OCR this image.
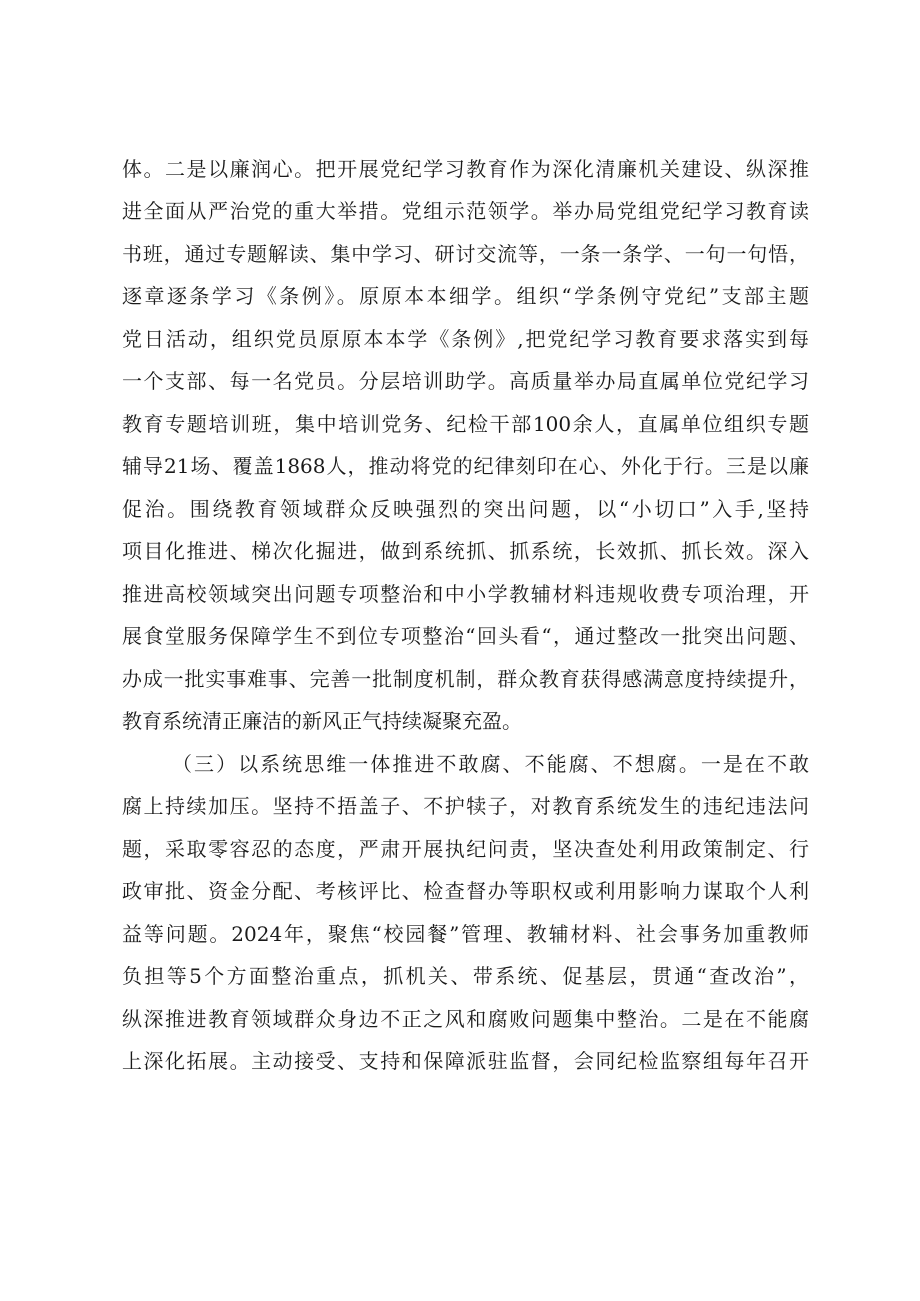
体。二是以廉润心。把开展党纪学习教育作为深化清廉机关建设、纵深推

进全面从严治党的重大举措。党组示范领学。举办局党组党纪学习教育读

书班，通过专题解读、集中学习、研讨交流等，一条一条学、一句一句悟，

逐章逐条学习《条例》。原原本本细学。组织“学条例守党纪”支部主题

党日活动，组织党员原原本本学《条例》,把党纪学习教育要求落实到每

一个支部、每一名党员。分层培训助学。高质量举办局直属单位党纪学习

教育专题培训班，集中培训党务、纪检干部100余人，直属单位组织专题

辅导21场、覆盖1868人，推动将党的纪律刻印在心、外化于行。三是以廉

促治。围绕教育领域群众反映强烈的突出问题，以“小切口”入手,坚持

项目化推进、梯次化掘进，做到系统抓、抓系统，长效抓、抓长效。深入

推进高校领域突出问题专项整治和中小学教辅材料违规收费专项治理，开

展食堂服务保障学生不到位专项整治“回头看“，通过整改一批突出问题、

办成一批实事难事、完善一批制度机制，群众教育获得感满意度持续提升，

教育系统清正廉洁的新风正气持续凝聚充盈。

（三）以系统思维一体推进不敢腐、不能腐、不想腐。一是在不敢

腐上持续加压。坚持不捂盖子、不护犊子，对教育系统发生的违纪违法问

题，采取零容忍的态度，严肃开展执纪问责，坚决查处利用政策制定、行

政审批、资金分配、考核评比、检查督办等职权或利用影响力谋取个人利

益等问题。2024年，聚焦“校园餐”管理、教辅材料、社会事务加重教师

负担等5个方面整治重点，抓机关、带系统、促基层，贯通“查改治”，

纵深推进教育领域群众身边不正之风和腐败问题集中整治。二是在不能腐

上深化拓展。主动接受、支持和保障派驻监督，会同纪检监察组每年召开
